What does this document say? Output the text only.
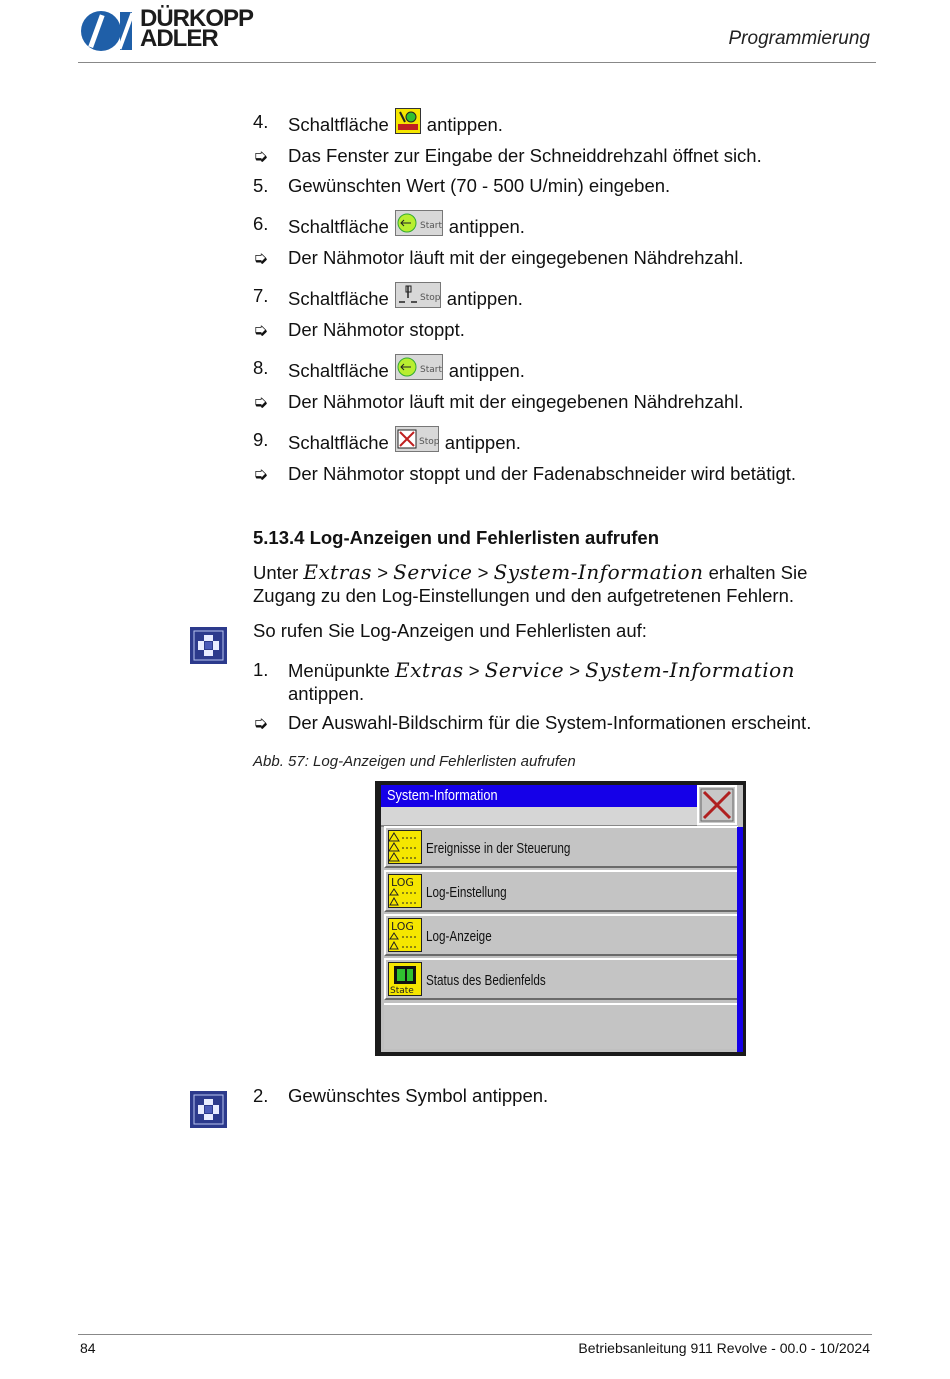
DÜRKOPP
ADLER	Programmierung
4.	Schaltfläche antippen.
➭	Das Fenster zur Eingabe der Schneiddrehzahl öffnet sich.
5.	Gewünschten Wert (70 - 500 U/min) eingeben.
6.	Schaltfläche	Start antippen.
➭	Der Nähmotor läuft mit der eingegebenen Nähdrehzahl.
7.	Schaltfläche	Stop antippen.
➭	Der Nähmotor stoppt.
8.	Schaltfläche	Start antippen.
➭	Der Nähmotor läuft mit der eingegebenen Nähdrehzahl.
9.	Schaltfläche	Stop antippen.
➭	Der Nähmotor stoppt und der Fadenabschneider wird betätigt.
5.13.4 Log-Anzeigen und Fehlerlisten aufrufen
Unter Extras > Service > System-Information erhalten Sie
Zugang zu den Log-Einstellungen und den aufgetretenen Fehlern.
So rufen Sie Log-Anzeigen und Fehlerlisten auf:
1.	Menüpunkte Extras > Service > System-Information
antippen.
➭	Der Auswahl-Bildschirm für die System-Informationen erscheint.
Abb. 57: Log-Anzeigen und Fehlerlisten aufrufen
System-Information
Ereignisse in der Steuerung
LOG
Log-Einstellung
LOG
Log-Anzeige
State
Status des Bedienfelds
2.	Gewünschtes Symbol antippen.
84	Betriebsanleitung 911 Revolve - 00.0 - 10/2024
